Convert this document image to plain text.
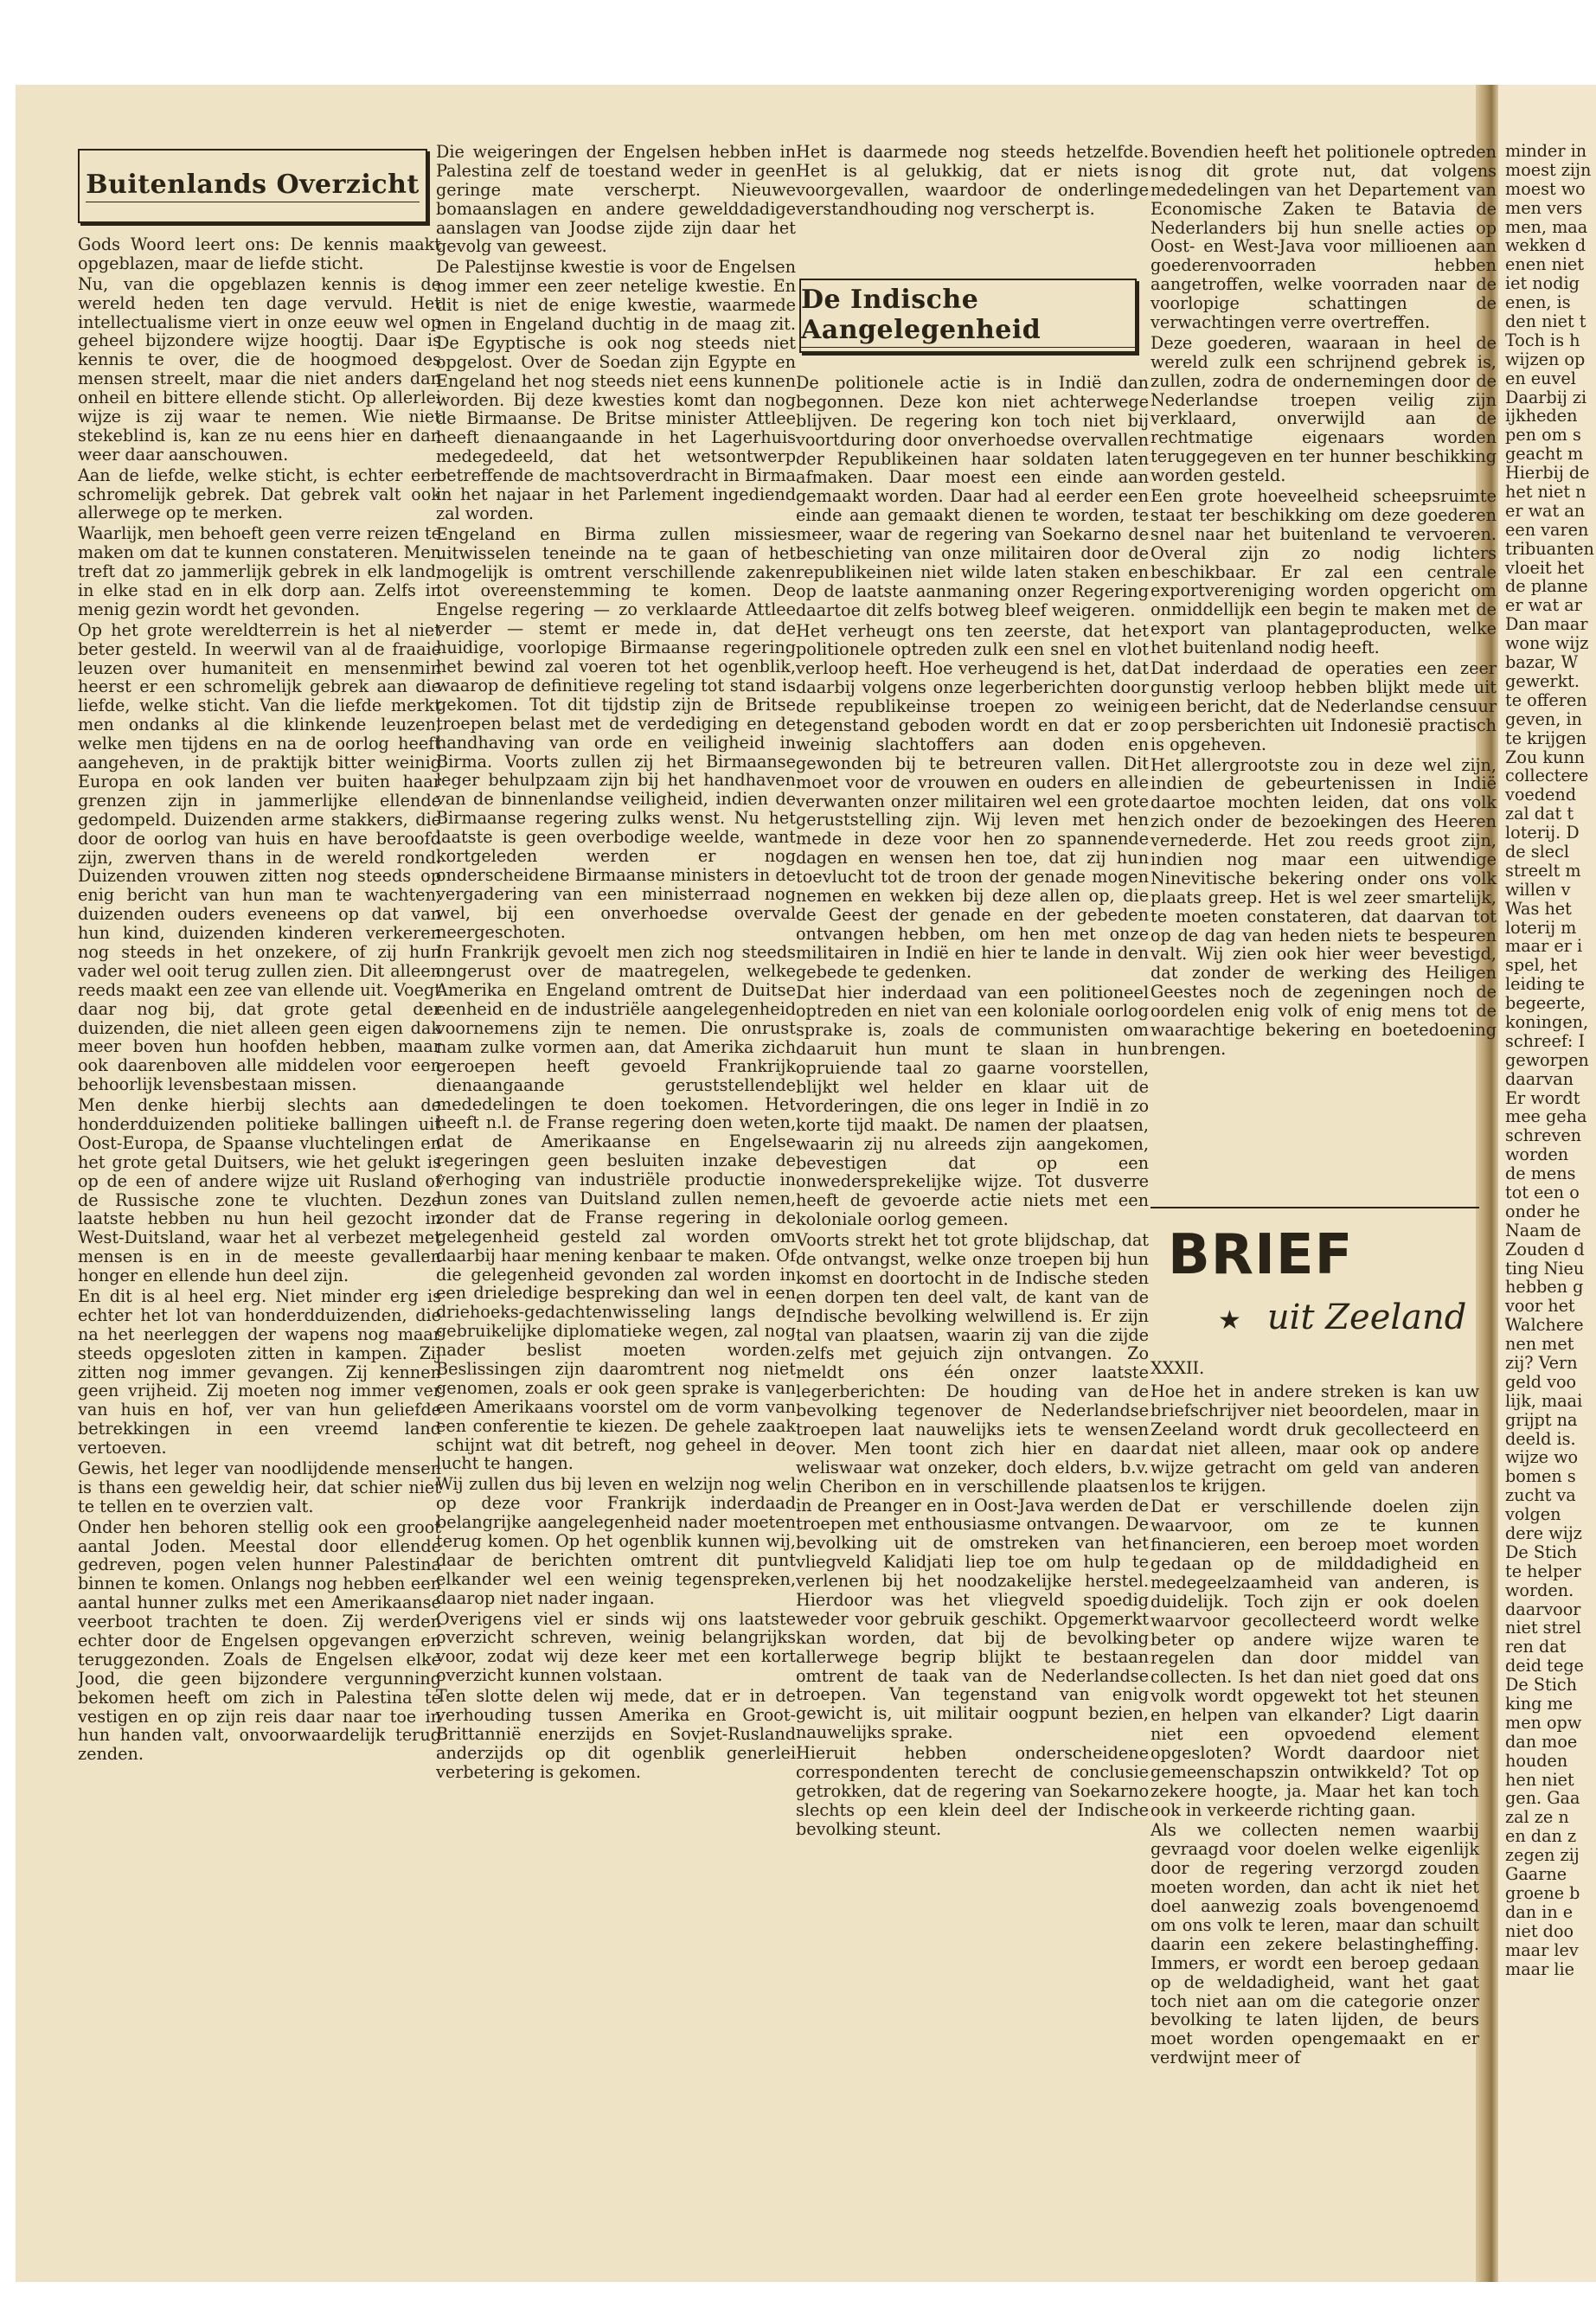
Buitenlands Overzicht

Gods Woord leert ons: De kennis maakt opgeblazen, maar de liefde sticht.

Nu, van die opgeblazen kennis is de wereld heden ten dage vervuld. Het intellectualisme viert in onze eeuw wel op geheel bijzondere wijze hoogtij. Daar is kennis te over, die de hoogmoed des mensen streelt, maar die niet anders dan onheil en bittere ellende sticht. Op allerlei wijze is zij waar te nemen. Wie niet stekeblind is, kan ze nu eens hier en dan weer daar aanschouwen.

Aan de liefde, welke sticht, is echter een schromelijk gebrek. Dat gebrek valt ook allerwege op te merken.

Waarlijk, men behoeft geen verre reizen te maken om dat te kunnen constateren. Men treft dat zo jammerlijk gebrek in elk land, in elke stad en in elk dorp aan. Zelfs in menig gezin wordt het gevonden.

Op het grote wereldterrein is het al niet beter gesteld. In weerwil van al de fraaie leuzen over humaniteit en mensenmin heerst er een schromelijk gebrek aan die liefde, welke sticht. Van die liefde merkt men ondanks al die klinkende leuzen, welke men tijdens en na de oorlog heeft aangeheven, in de praktijk bitter weinig Europa en ook landen ver buiten haar grenzen zijn in jammerlijke ellende gedompeld. Duizenden arme stakkers, die door de oorlog van huis en have beroofd zijn, zwerven thans in de wereld rond. Duizenden vrouwen zitten nog steeds op enig bericht van hun man te wachten, duizenden ouders eveneens op dat van hun kind, duizenden kinderen verkeren nog steeds in het onzekere, of zij hun vader wel ooit terug zullen zien. Dit alleen reeds maakt een zee van ellende uit. Voegt daar nog bij, dat grote getal der duizenden, die niet alleen geen eigen dak meer boven hun hoofden hebben, maar ook daarenboven alle middelen voor een behoorlijk levensbestaan missen.

Men denke hierbij slechts aan de honderdduizenden politieke ballingen uit Oost-Europa, de Spaanse vluchtelingen en het grote getal Duitsers, wie het gelukt is op de een of andere wijze uit Rusland of de Russische zone te vluchten. Deze laatste hebben nu hun heil gezocht in West-Duitsland, waar het al verbezet met mensen is en in de meeste gevallen honger en ellende hun deel zijn.

En dit is al heel erg. Niet minder erg is echter het lot van honderdduizenden, die na het neerleggen der wapens nog maar steeds opgesloten zitten in kampen. Zij zitten nog immer gevangen. Zij kennen geen vrijheid. Zij moeten nog immer ver van huis en hof, ver van hun geliefde betrekkingen in een vreemd land vertoeven.

Gewis, het leger van noodlijdende mensen is thans een geweldig heir, dat schier niet te tellen en te overzien valt.

Onder hen behoren stellig ook een groot aantal Joden. Meestal door ellende gedreven, pogen velen hunner Palestina binnen te komen. Onlangs nog hebben een aantal hunner zulks met een Amerikaanse veerboot trachten te doen. Zij werden echter door de Engelsen opgevangen en teruggezonden. Zoals de Engelsen elke Jood, die geen bijzondere vergunning bekomen heeft om zich in Palestina te vestigen en op zijn reis daar naar toe in hun handen valt, onvoorwaardelijk terug zenden.

Die weigeringen der Engelsen hebben in Palestina zelf de toestand weder in geen geringe mate verscherpt. Nieuwe bomaanslagen en andere gewelddadige aanslagen van Joodse zijde zijn daar het gevolg van geweest.

De Palestijnse kwestie is voor de Engelsen nog immer een zeer netelige kwestie. En dit is niet de enige kwestie, waarmede men in Engeland duchtig in de maag zit. De Egyptische is ook nog steeds niet opgelost. Over de Soedan zijn Egypte en Engeland het nog steeds niet eens kunnen worden. Bij deze kwesties komt dan nog de Birmaanse. De Britse minister Attlee heeft dienaangaande in het Lagerhuis medegedeeld, dat het wetsontwerp betreffende de machtsoverdracht in Birma in het najaar in het Parlement ingediend zal worden.

Engeland en Birma zullen missies uitwisselen teneinde na te gaan of het mogelijk is omtrent verschillende zaken tot overeenstemming te komen. De Engelse regering — zo verklaarde Attlee verder — stemt er mede in, dat de huidige, voorlopige Birmaanse regering het bewind zal voeren tot het ogenblik, waarop de definitieve regeling tot stand is gekomen. Tot dit tijdstip zijn de Britse troepen belast met de verdediging en de handhaving van orde en veiligheid in Birma. Voorts zullen zij het Birmaanse leger behulpzaam zijn bij het handhaven van de binnenlandse veiligheid, indien de Birmaanse regering zulks wenst. Nu het laatste is geen overbodige weelde, want kortgeleden werden er nog onderscheidene Birmaanse ministers in de vergadering van een ministerraad nog wel, bij een onverhoedse overval neergeschoten.

In Frankrijk gevoelt men zich nog steeds ongerust over de maatregelen, welke Amerika en Engeland omtrent de Duitse eenheid en de industriële aangelegenheid voornemens zijn te nemen. Die onrust nam zulke vormen aan, dat Amerika zich geroepen heeft gevoeld Frankrijk dienaangaande geruststellende mededelingen te doen toekomen. Het heeft n.l. de Franse regering doen weten, dat de Amerikaanse en Engelse regeringen geen besluiten inzake de verhoging van industriële productie in hun zones van Duitsland zullen nemen, zonder dat de Franse regering in de gelegenheid gesteld zal worden om daarbij haar mening kenbaar te maken. Of die gelegenheid gevonden zal worden in een drieledige bespreking dan wel in een driehoeks-gedachtenwisseling langs de gebruikelijke diplomatieke wegen, zal nog nader beslist moeten worden. Beslissingen zijn daaromtrent nog niet genomen, zoals er ook geen sprake is van een Amerikaans voorstel om de vorm van een conferentie te kiezen. De gehele zaak schijnt wat dit betreft, nog geheel in de lucht te hangen.

Wij zullen dus bij leven en welzijn nog wel op deze voor Frankrijk inderdaad belangrijke aangelegenheid nader moeten terug komen. Op het ogenblik kunnen wij, daar de berichten omtrent dit punt elkander wel een weinig tegenspreken, daarop niet nader ingaan.

Overigens viel er sinds wij ons laatste overzicht schreven, weinig belangrijks voor, zodat wij deze keer met een kort overzicht kunnen volstaan.

Ten slotte delen wij mede, dat er in de verhouding tussen Amerika en Groot-Brittannië enerzijds en Sovjet-Rusland anderzijds op dit ogenblik generlei verbetering is gekomen.

Het is daarmede nog steeds hetzelfde. Het is al gelukkig, dat er niets is voorgevallen, waardoor de onderlinge verstandhouding nog verscherpt is.

De Indische Aangelegenheid

De politionele actie is in Indië dan begonnen. Deze kon niet achterwege blijven. De regering kon toch niet bij voortduring door onverhoedse overvallen der Republikeinen haar soldaten laten afmaken. Daar moest een einde aan gemaakt worden. Daar had al eerder een einde aan gemaakt dienen te worden, te meer, waar de regering van Soekarno de beschieting van onze militairen door de republikeinen niet wilde laten staken en op de laatste aanmaning onzer Regering daartoe dit zelfs botweg bleef weigeren.

Het verheugt ons ten zeerste, dat het politionele optreden zulk een snel en vlot verloop heeft. Hoe verheugend is het, dat daarbij volgens onze legerberichten door de republikeinse troepen zo weinig tegenstand geboden wordt en dat er zo weinig slachtoffers aan doden en gewonden bij te betreuren vallen. Dit moet voor de vrouwen en ouders en alle verwanten onzer militairen wel een grote geruststelling zijn. Wij leven met hen mede in deze voor hen zo spannende dagen en wensen hen toe, dat zij hun toevlucht tot de troon der genade mogen nemen en wekken bij deze allen op, die de Geest der genade en der gebeden ontvangen hebben, om hen met onze militairen in Indië en hier te lande in den gebede te gedenken.

Dat hier inderdaad van een politioneel optreden en niet van een koloniale oorlog sprake is, zoals de communisten om daaruit hun munt te slaan in hun opruiende taal zo gaarne voorstellen, blijkt wel helder en klaar uit de vorderingen, die ons leger in Indië in zo korte tijd maakt. De namen der plaatsen, waarin zij nu alreeds zijn aangekomen, bevestigen dat op een onwedersprekelijke wijze. Tot dusverre heeft de gevoerde actie niets met een koloniale oorlog gemeen.

Voorts strekt het tot grote blijdschap, dat de ontvangst, welke onze troepen bij hun komst en doortocht in de Indische steden en dorpen ten deel valt, de kant van de Indische bevolking welwillend is. Er zijn tal van plaatsen, waarin zij van die zijde zelfs met gejuich zijn ontvangen. Zo meldt ons één onzer laatste legerberichten: De houding van de bevolking tegenover de Nederlandse troepen laat nauwelijks iets te wensen over. Men toont zich hier en daar weliswaar wat onzeker, doch elders, b.v. in Cheribon en in verschillende plaatsen in de Preanger en in Oost-Java werden de troepen met enthousiasme ontvangen. De bevolking uit de omstreken van het vliegveld Kalidjati liep toe om hulp te verlenen bij het noodzakelijke herstel. Hierdoor was het vliegveld spoedig weder voor gebruik geschikt. Opgemerkt kan worden, dat bij de bevolking allerwege begrip blijkt te bestaan omtrent de taak van de Nederlandse troepen. Van tegenstand van enig gewicht is, uit militair oogpunt bezien, nauwelijks sprake.

Hieruit hebben onderscheidene correspondenten terecht de conclusie getrokken, dat de regering van Soekarno slechts op een klein deel der Indische bevolking steunt.

Bovendien heeft het politionele optreden nog dit grote nut, dat volgens mededelingen van het Departement van Economische Zaken te Batavia de Nederlanders bij hun snelle acties op Oost- en West-Java voor millioenen aan goederenvoorraden hebben aangetroffen, welke voorraden naar de voorlopige schattingen de verwachtingen verre overtreffen.

Deze goederen, waaraan in heel de wereld zulk een schrijnend gebrek is, zullen, zodra de ondernemingen door de Nederlandse troepen veilig zijn verklaard, onverwijld aan de rechtmatige eigenaars worden teruggegeven en ter hunner beschikking worden gesteld.

Een grote hoeveelheid scheepsruimte staat ter beschikking om deze goederen snel naar het buitenland te vervoeren. Overal zijn zo nodig lichters beschikbaar. Er zal een centrale exportvereniging worden opgericht om onmiddellijk een begin te maken met de export van plantageproducten, welke het buitenland nodig heeft.

Dat inderdaad de operaties een zeer gunstig verloop hebben blijkt mede uit een bericht, dat de Nederlandse censuur op persberichten uit Indonesië practisch is opgeheven.

Het allergrootste zou in deze wel zijn, indien de gebeurtenissen in Indië daartoe mochten leiden, dat ons volk zich onder de bezoekingen des Heeren vernederde. Het zou reeds groot zijn, indien nog maar een uitwendige Ninevitische bekering onder ons volk plaats greep. Het is wel zeer smartelijk, te moeten constateren, dat daarvan tot op de dag van heden niets te bespeuren valt. Wij zien ook hier weer bevestigd, dat zonder de werking des Heiligen Geestes noch de zegeningen noch de oordelen enig volk of enig mens tot de waarachtige bekering en boetedoening brengen.

BRIEF
★ uit Zeeland
XXXII.

Hoe het in andere streken is kan uw briefschrijver niet beoordelen, maar in Zeeland wordt druk gecollecteerd en dat niet alleen, maar ook op andere wijze getracht om geld van anderen los te krijgen.

Dat er verschillende doelen zijn waarvoor, om ze te kunnen financieren, een beroep moet worden gedaan op de milddadigheid en medegeelzaamheid van anderen, is duidelijk. Toch zijn er ook doelen waarvoor gecollecteerd wordt welke beter op andere wijze waren te regelen dan door middel van collecten. Is het dan niet goed dat ons volk wordt opgewekt tot het steunen en helpen van elkander? Ligt daarin niet een opvoedend element opgesloten? Wordt daardoor niet gemeenschapszin ontwikkeld? Tot op zekere hoogte, ja. Maar het kan toch ook in verkeerde richting gaan.

Als we collecten nemen waarbij gevraagd voor doelen welke eigenlijk door de regering verzorgd zouden moeten worden, dan acht ik niet het doel aanwezig zoals bovengenoemd om ons volk te leren, maar dan schuilt daarin een zekere belastingheffing. Immers, er wordt een beroep gedaan op de weldadigheid, want het gaat toch niet aan om die categorie onzer bevolking te laten lijden, de beurs moet worden opengemaakt en er verdwijnt meer of

minder in
moest zijn
moest wo
men vers
men, maa
wekken d
enen niet
iet nodig
enen, is
den niet t
Toch is h
wijzen op
en euvel
Daarbij zi
ijkheden
pen om s
geacht m
Hierbij de
het niet n
er wat an
een varen
tribuanten
vloeit het
de planne
er wat ar
Dan maar
wone wijz
bazar, W
gewerkt.
te offeren
geven, in
te krijgen
Zou kunn
collectere
voedend
zal dat t
loterij. D
de slecl
streelt m
willen v
Was het
loterij m
maar er i
spel, het
leiding te
begeerte,
koningen,
schreef: I
geworpen
daarvan
Er wordt
mee geha
schreven
worden
de mens
tot een o
onder he
Naam de
Zouden d
ting Nieu
hebben g
voor het
Walchere
nen met
zij? Vern
geld voo
lijk, maai
grijpt na
deeld is.
wijze wo
bomen s
zucht va
volgen
dere wijz
De Stich
te helper
worden.
daarvoor
niet strel
ren dat
deid tege
De Stich
king me
men opw
dan moe
houden
hen niet
gen. Gaa
zal ze n
en dan z
zegen zij
Gaarne
groene b
dan in e
niet doo
maar lev
maar lie
